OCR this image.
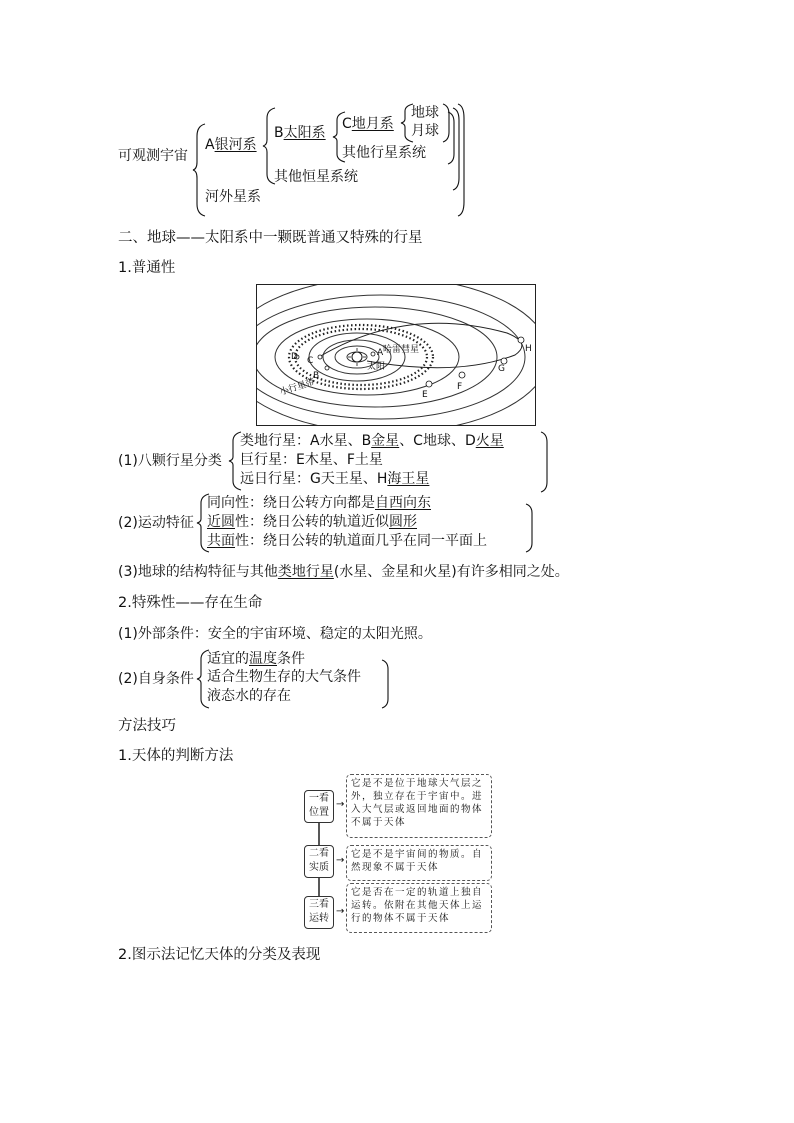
可观测宇宙
A银河系
B太阳系
C地月系
地球
月球
其他行星系统
其他恒星系统
河外星系
二、地球——太阳系中一颗既普通又特殊的行星
1.普通性
A
B
C
D
E
F
G
H
哈雷彗星
太阳
小行星带
(1)八颗行星分类
类地行星：A水星、B金星、C地球、D火星
巨行星：E木星、F土星
远日行星：G天王星、H海王星
(2)运动特征
同向性：绕日公转方向都是自西向东
近圆性：绕日公转的轨道近似圆形
共面性：绕日公转的轨道面几乎在同一平面上
(3)地球的结构特征与其他类地行星(水星、金星和火星)有许多相同之处。
2.特殊性——存在生命
(1)外部条件：安全的宇宙环境、稳定的太阳光照。
(2)自身条件
适宜的温度条件
适合生物生存的大气条件
液态水的存在
方法技巧
1.天体的判断方法
一看
位置
→
它是不是位于地球大气层之外，独立存在于宇宙中。进入大气层或返回地面的物体不属于天体
二看
实质
→
它是不是宇宙间的物质。自然现象不属于天体
三看
运转
→
它是否在一定的轨道上独自运转。依附在其他天体上运行的物体不属于天体
2.图示法记忆天体的分类及表现
